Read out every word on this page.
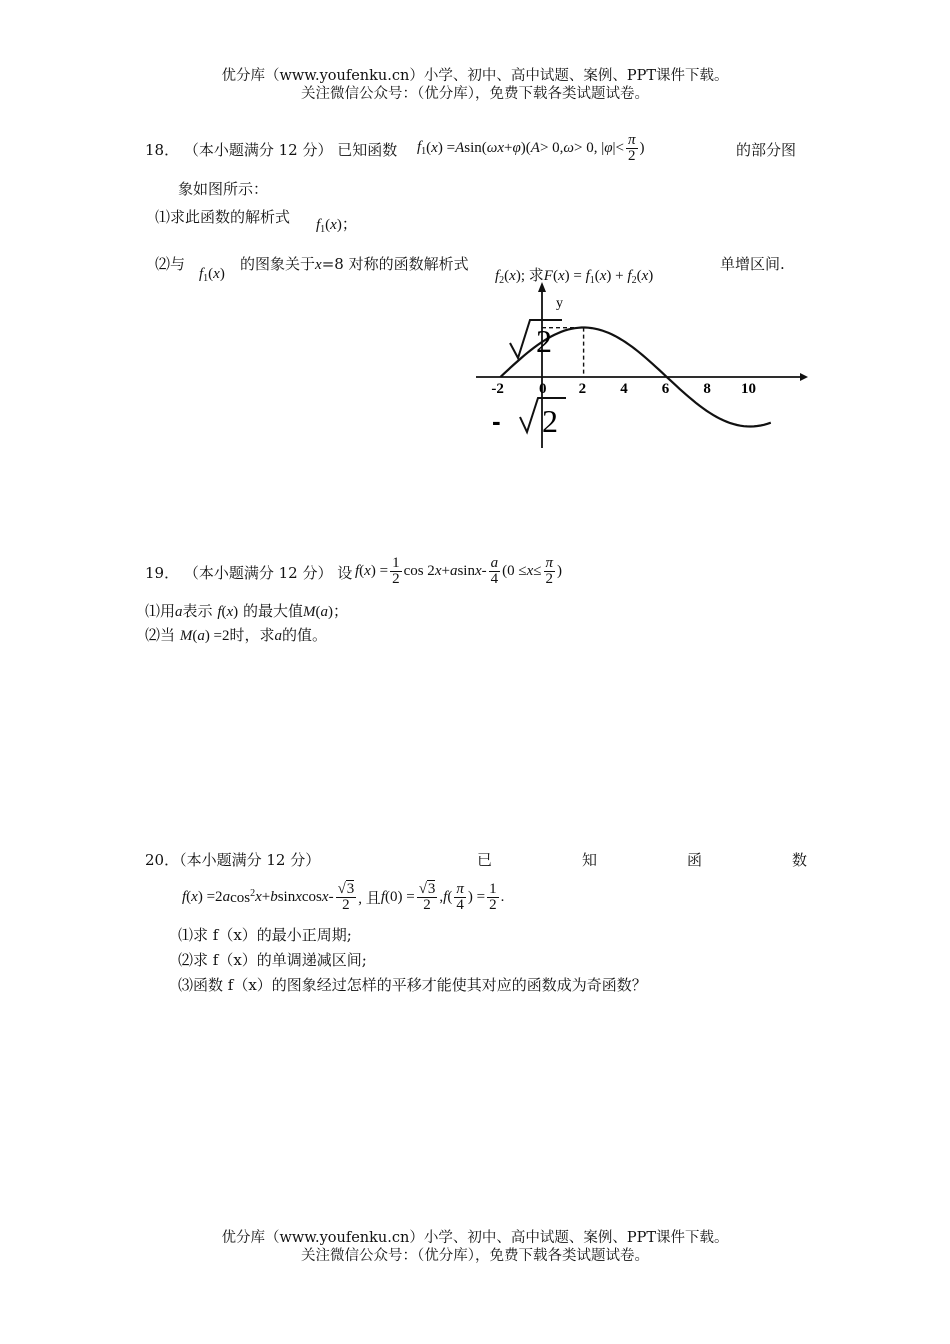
优分库（www.youfenku.cn）小学、初中、高中试题、案例、PPT课件下载。
关注微信公众号：（优分库），免费下载各类试题试卷。
18． （本小题满分 12 分） 已知函数 $f_1$ ( x ) = A sin( ωx + φ )( A > 0, ω > 0, | φ |< $\frac{\pi}{2}$ )	的部分图
象如图所示：
⑴求此函数的解析式 $f_1(x)$；
⑵与
$f_1(x)$
的图象关于x=8 对称的函数解析式
$f_2(x)$; 求$F(x) = f_1(x) + f_2(x)$
单增区间.
y
-2 0 2 4 6 8 10
2
- 2
19． （本小题满分 12 分） 设 f ( x ) = $\frac{1}{2}$ cos 2 x + a $\sin x - \frac{a}{4} (0 \le x \le \frac{\pi}{2}$ )
⑴用a表示 f(x) 的最大值M(a)；
⑵当 M(a) =2时，求a的值。
20．（本小题满分 12 分）	已	知	函	数
f ( x ) =2 a $\cos^2 x + b$ sin x cos x - $\frac{√3}{2}$ , 且 f $(0) = \frac{√3}{2}$ , f ( $\frac{\pi}{4}$ ) = $\frac{1}{2}$ .
⑴求 f（x）的最小正周期;
⑵求 f（x）的单调递减区间;
⑶函数 f（x）的图象经过怎样的平移才能使其对应的函数成为奇函数？
优分库（www.youfenku.cn）小学、初中、高中试题、案例、PPT课件下载。
关注微信公众号：（优分库），免费下载各类试题试卷。
